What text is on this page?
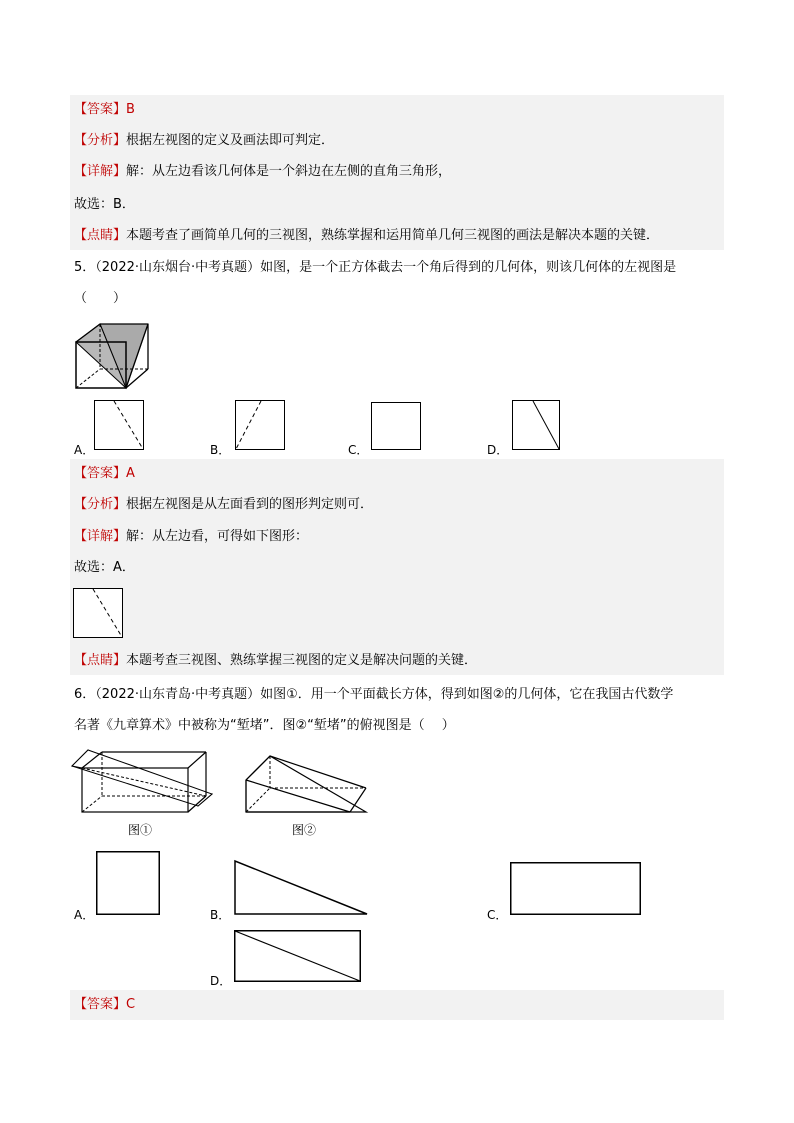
【答案】B
【分析】根据左视图的定义及画法即可判定．
【详解】解：从左边看该几何体是一个斜边在左侧的直角三角形，
故选：B．
【点睛】本题考查了画简单几何的三视图，熟练掌握和运用简单几何三视图的画法是解决本题的关键．
5．（2022·山东烟台·中考真题）如图，是一个正方体截去一个角后得到的几何体，则该几何体的左视图是
（　　）
A．	B．	C．	D．
【答案】A
【分析】根据左视图是从左面看到的图形判定则可．
【详解】解：从左边看，可得如下图形：
故选：A．
【点睛】本题考查三视图、熟练掌握三视图的定义是解决问题的关键．
6．（2022·山东青岛·中考真题）如图①．用一个平面截长方体，得到如图②的几何体，它在我国古代数学
名著《九章算术》中被称为“堑堵”．图②“堑堵”的俯视图是（　 ）
图①	图②
A．	B．	C．
D．
【答案】C
